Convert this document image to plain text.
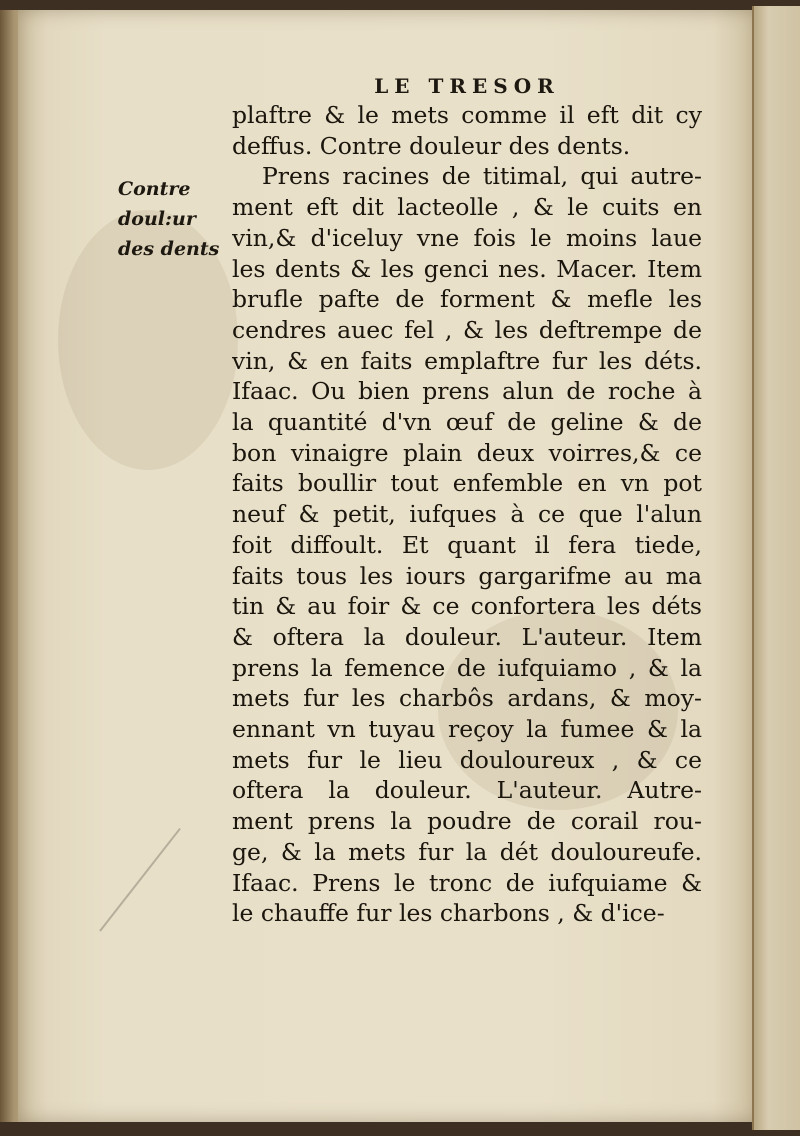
LE TRESOR
Contre
doul:ur
des dents
plaftre & le mets comme il eft dit cy
deffus. Contre douleur des dents.
Prens racines de titimal, qui autre-
ment eft dit lacteolle , & le cuits en
vin,& d'iceluy vne fois le moins laue
les dents & les genci nes. Macer. Item
brufle pafte de forment & mefle les
cendres auec fel , & les deftrempe de
vin, & en faits emplaftre fur les déts.
Ifaac. Ou bien prens alun de roche à
la quantité d'vn œuf de geline & de
bon vinaigre plain deux voirres,& ce
faits boullir tout enfemble en vn pot
neuf & petit, iufques à ce que l'alun
foit diffoult. Et quant il fera tiede,
faits tous les iours gargarifme au ma
tin & au foir & ce confortera les déts
& oftera la douleur. L'auteur. Item
prens la femence de iufquiamo , & la
mets fur les charbôs ardans, & moy-
ennant vn tuyau reçoy la fumee & la
mets fur le lieu douloureux , & ce
oftera la douleur. L'auteur. Autre-
ment prens la poudre de corail rou-
ge, & la mets fur la dét douloureufe.
Ifaac. Prens le tronc de iufquiame &
le chauffe fur les charbons , & d'ice-
